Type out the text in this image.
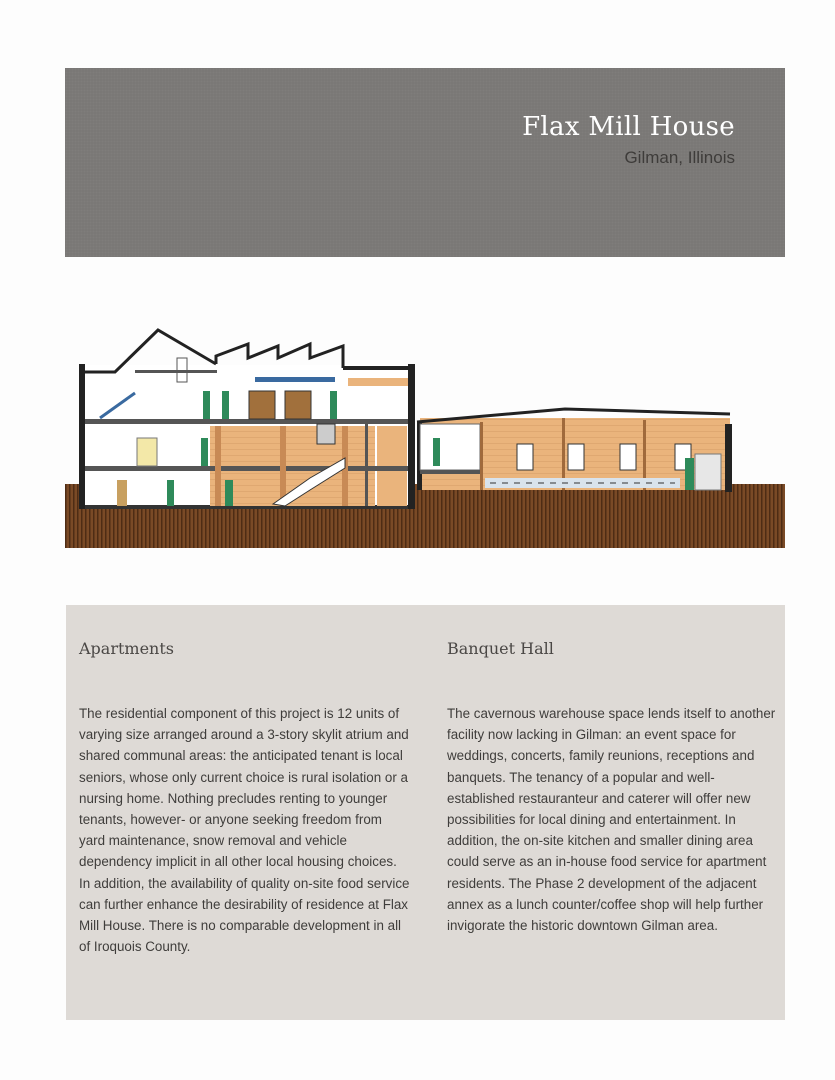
Flax Mill House
Gilman, Illinois
Apartments
The residential component of this project is 12 units of varying size arranged around a 3-story skylit atrium and shared communal areas: the anticipated tenant is local seniors, whose only current choice is rural isolation or a nursing home. Nothing precludes renting to younger tenants, however- or anyone seeking freedom from yard maintenance, snow removal and vehicle dependency implicit in all other local housing choices. In addition, the availability of quality on-site food service can further enhance the desirability of residence at Flax Mill House. There is no comparable development in all of Iroquois County.
Banquet Hall
The cavernous warehouse space lends itself to another facility now lacking in Gilman: an event space for weddings, concerts, family reunions, receptions and banquets. The tenancy of a popular and well-established restauranteur and caterer will offer new possibilities for local dining and entertainment. In addition, the on-site kitchen and smaller dining area could serve as an in-house food service for apartment residents. The Phase 2 development of the adjacent annex as a lunch counter/coffee shop will help further invigorate the historic downtown Gilman area.
